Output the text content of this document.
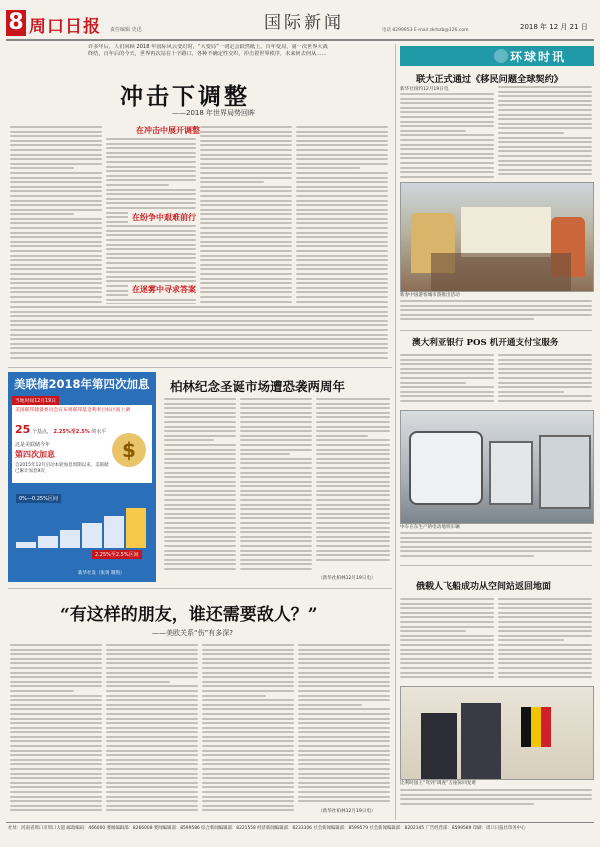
8 周口日报 责任编辑 史迅	国际新闻	电话 8299953 E-mail zkrbzb@126.com	2018 年 12 月 21 日
许多年后，人们回顾 2018 年国际风云变幻时，“大变局”一词定会跃然纸上。百年变局，第一次世界大战终结，百年后的今天，世界再次站在十字路口，各种不确定性交织，冲击着世界秩序，未来何去何从……
冲击下调整
——2018 年世界局势回眸
在冲击中展开调整
在纷争中艰难前行
在迷雾中寻求答案
美联储2018年第四次加息
当地时间12月19日
美国联邦储备委员会宣布将联邦基金利率目标区间上调
25 个基点， 2.25%至2.5% 的水平
这是美联储今年
第四次加息	$
自2015年12月启动本轮加息周期以来，美联储已累计加息9次
0%—0.25%区间
2.25%至2.5%区间
新华社发（张勇 制图）
柏林纪念圣诞市场遭恐袭两周年
（新华社柏林12月19日电）
“有这样的朋友，谁还需要敌人？”
——美欧关系“伤”有多深?
（新华社柏林12月19日电）
环球时讯
联大正式通过《移民问题全球契约》
新华社纽约12月19日电
新春中国游客城市游推出活动
澳大利亚银行 POS 机开通支付宝服务
中车在东生产的电动地铁车辆
俄载人飞船成功从空间站返回地面
比利时国王“驾到”调查”万座际回复难
社址：河南省周口市周口大道 邮政编码：466000 要闻编辑部：8266008 要闻编辑部：8599586 综合新闻编辑部：8221558 经济新闻编辑部：8233306 社会新闻编辑部：8599579 社会新闻编辑部：8202345 广告经营部：8599589 印刷：周口日报社印务中心
